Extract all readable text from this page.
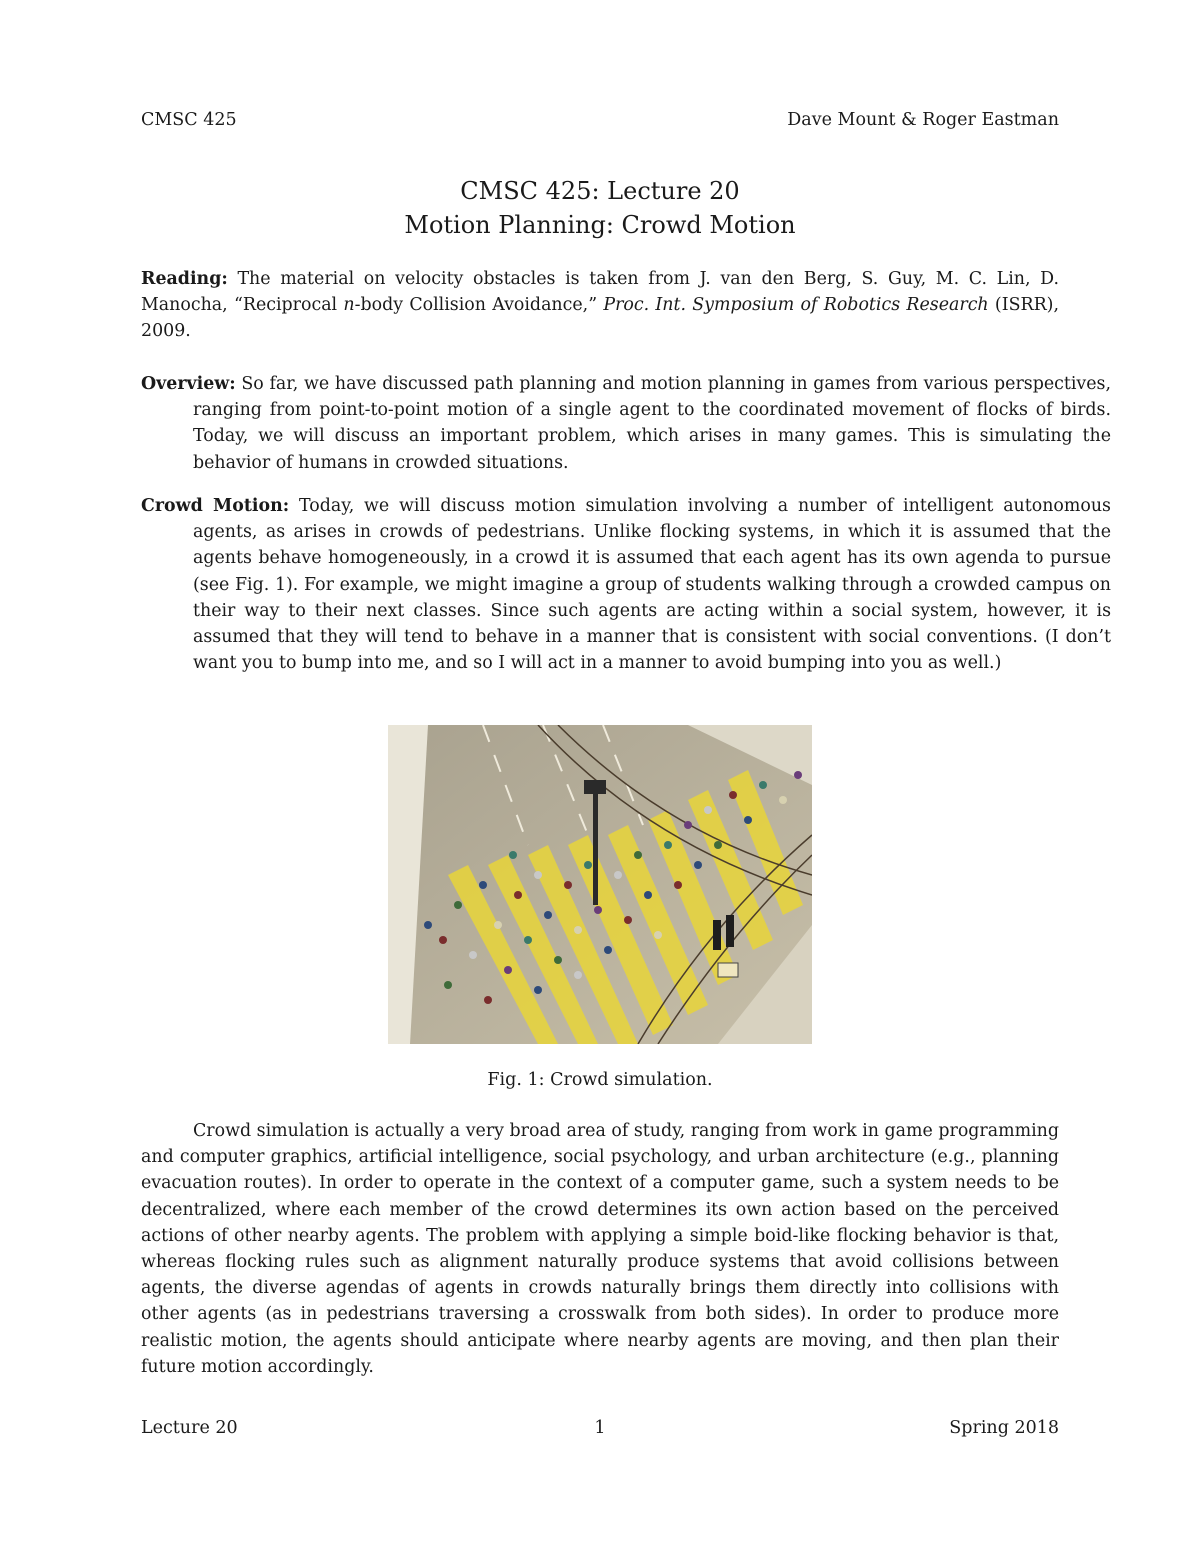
CMSC 425	Dave Mount & Roger Eastman
CMSC 425: Lecture 20
Motion Planning: Crowd Motion
Reading: The material on velocity obstacles is taken from J. van den Berg, S. Guy, M. C. Lin, D. Manocha, “Reciprocal n-body Collision Avoidance,” Proc. Int. Symposium of Robotics Research (ISRR), 2009.
Overview: So far, we have discussed path planning and motion planning in games from various perspectives, ranging from point-to-point motion of a single agent to the coordinated movement of flocks of birds. Today, we will discuss an important problem, which arises in many games. This is simulating the behavior of humans in crowded situations.
Crowd Motion: Today, we will discuss motion simulation involving a number of intelligent autonomous agents, as arises in crowds of pedestrians. Unlike flocking systems, in which it is assumed that the agents behave homogeneously, in a crowd it is assumed that each agent has its own agenda to pursue (see Fig. 1). For example, we might imagine a group of students walking through a crowded campus on their way to their next classes. Since such agents are acting within a social system, however, it is assumed that they will tend to behave in a manner that is consistent with social conventions. (I don’t want you to bump into me, and so I will act in a manner to avoid bumping into you as well.)
Fig. 1: Crowd simulation.
Crowd simulation is actually a very broad area of study, ranging from work in game programming and computer graphics, artificial intelligence, social psychology, and urban architecture (e.g., planning evacuation routes). In order to operate in the context of a computer game, such a system needs to be decentralized, where each member of the crowd determines its own action based on the perceived actions of other nearby agents. The problem with applying a simple boid-like flocking behavior is that, whereas flocking rules such as alignment naturally produce systems that avoid collisions between agents, the diverse agendas of agents in crowds naturally brings them directly into collisions with other agents (as in pedestrians traversing a crosswalk from both sides). In order to produce more realistic motion, the agents should anticipate where nearby agents are moving, and then plan their future motion accordingly.
Lecture 20	1	Spring 2018
